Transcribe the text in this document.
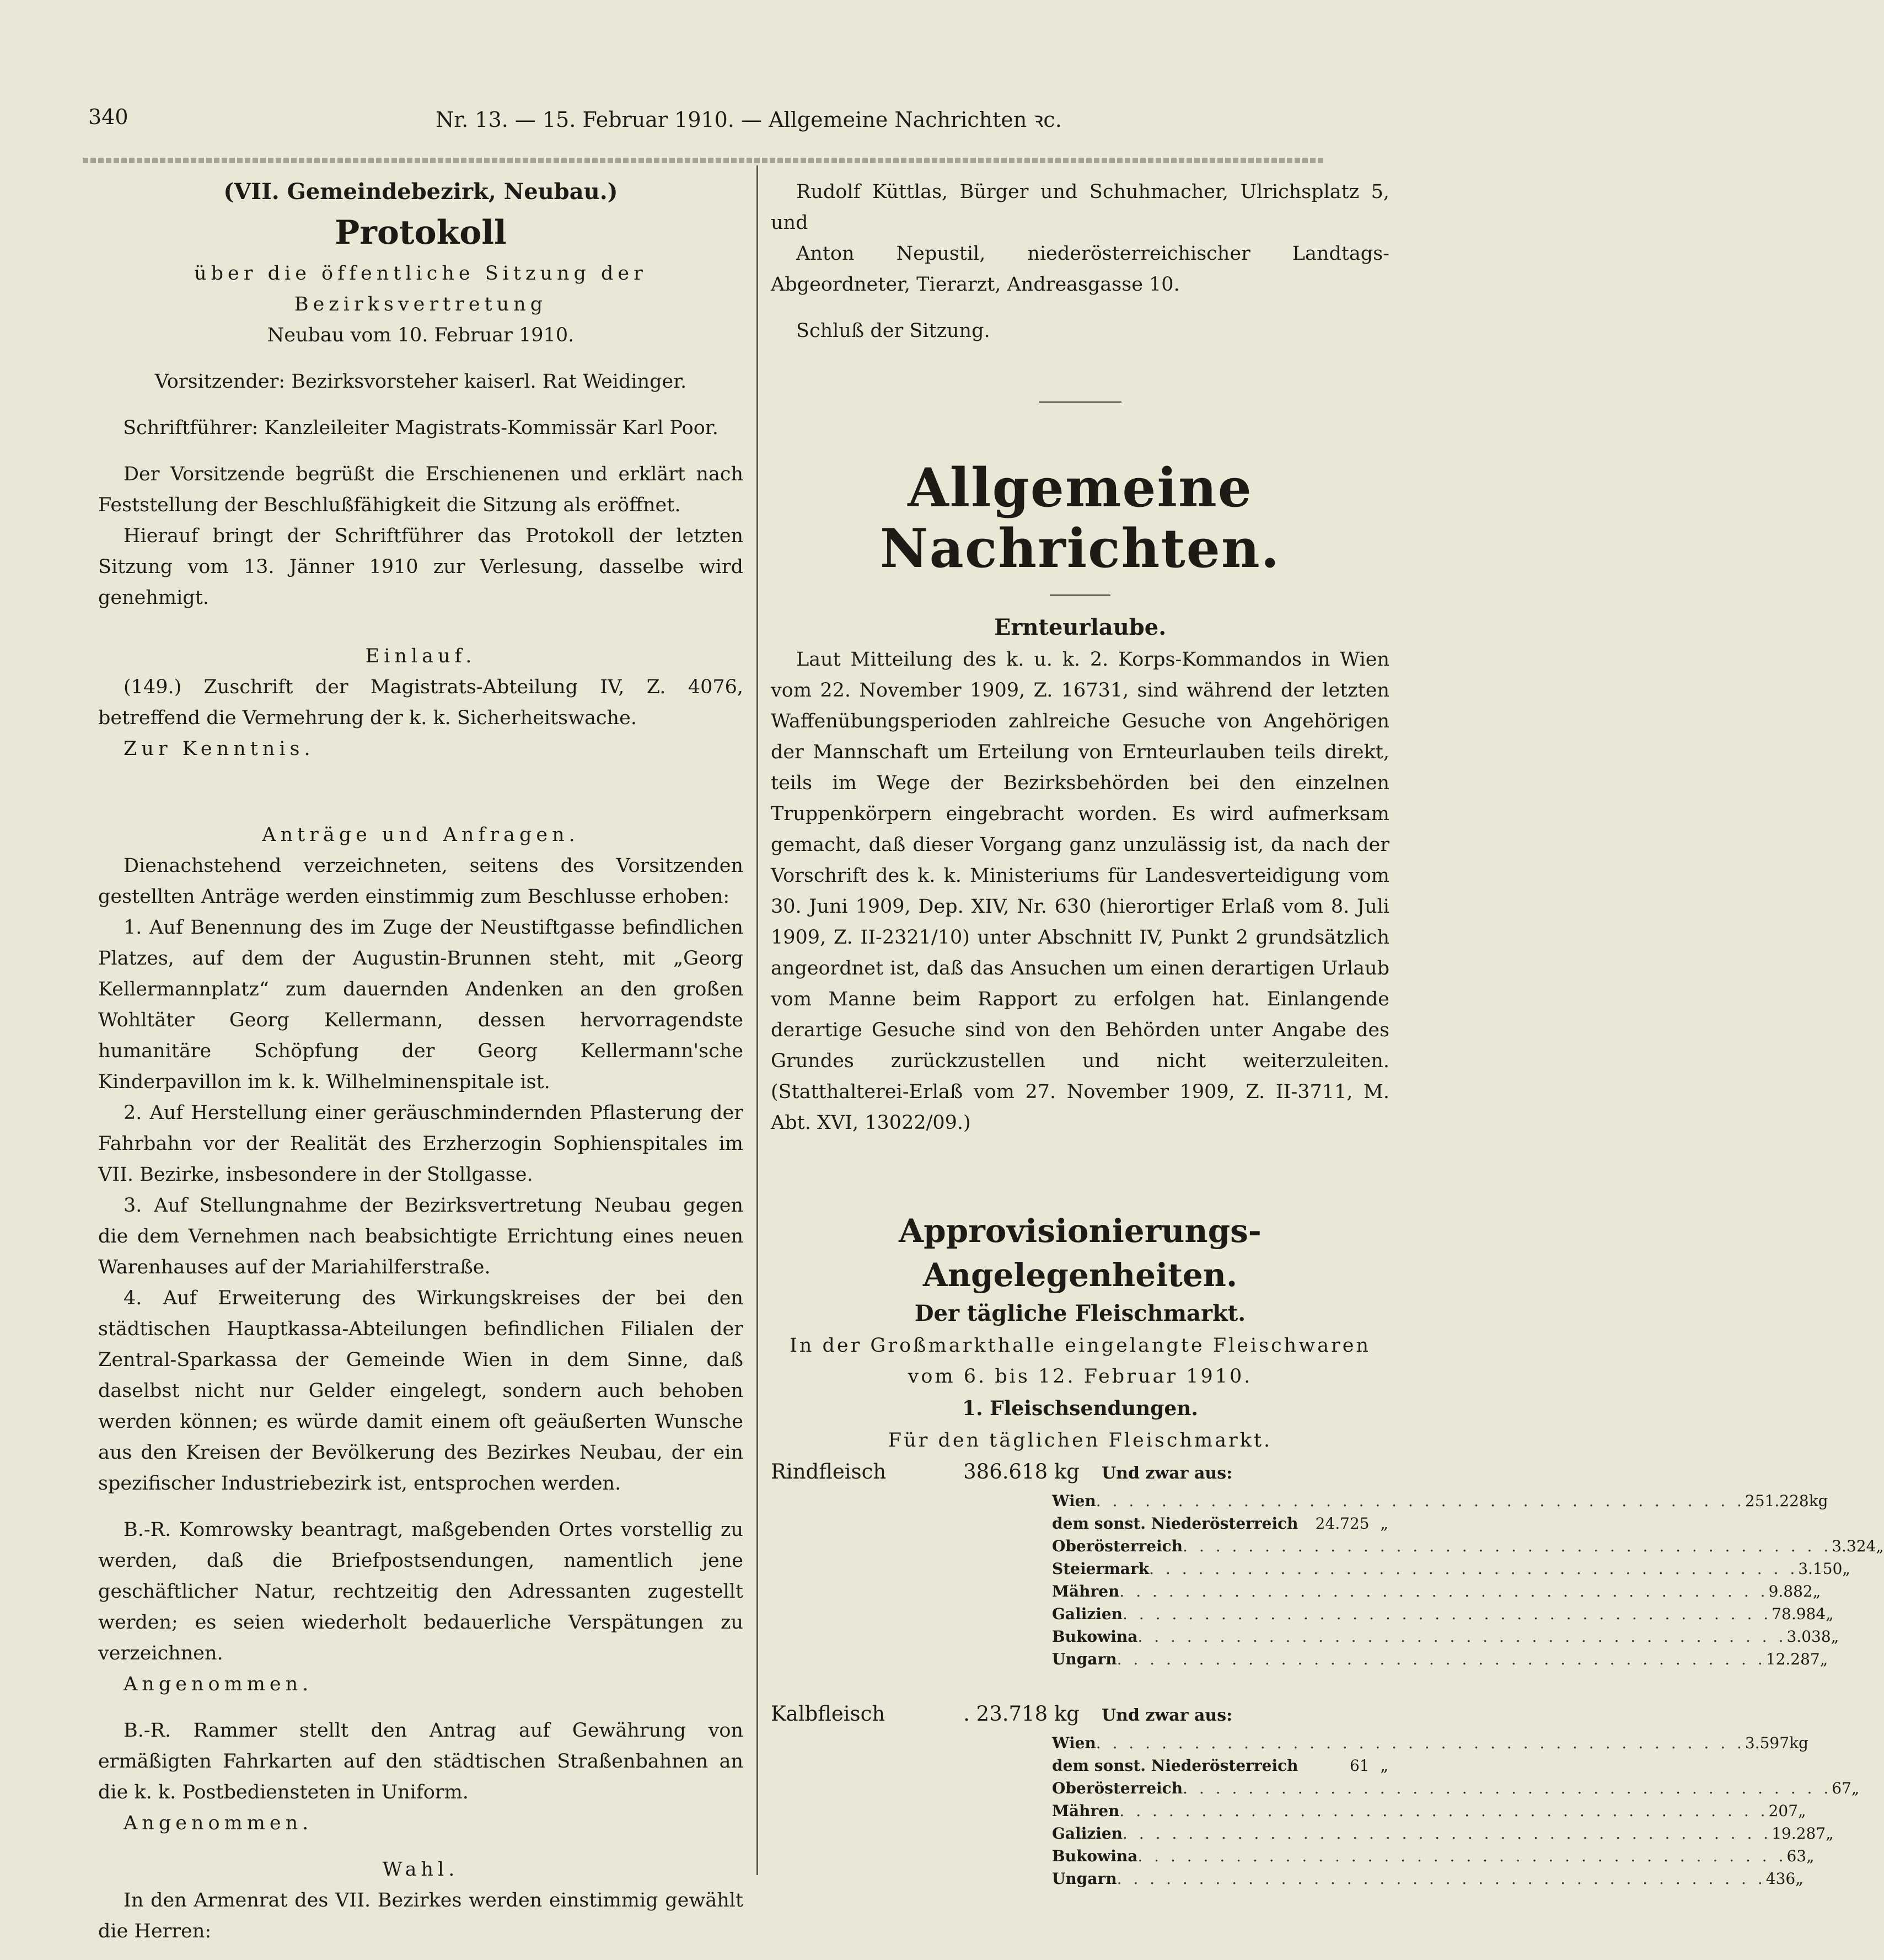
340	Nr. 13. — 15. Februar 1910. — Allgemeine Nachrichten ꝛc.

(VII. Gemeindebezirk, Neubau.)

Protokoll

über die öffentliche Sitzung der Bezirksvertretung

Neubau vom 10. Februar 1910.

Vorsitzender: Bezirksvorsteher kaiserl. Rat Weidinger.

Schriftführer: Kanzleileiter Magistrats-Kommissär Karl Poor.

Der Vorsitzende begrüßt die Erschienenen und erklärt nach Feststellung der Beschlußfähigkeit die Sitzung als eröffnet.

Hierauf bringt der Schriftführer das Protokoll der letzten Sitzung vom 13. Jänner 1910 zur Verlesung, dasselbe wird genehmigt.

Einlauf.

(149.) Zuschrift der Magistrats-Abteilung IV, Z. 4076, betreffend die Vermehrung der k. k. Sicherheitswache.

Zur Kenntnis.

Anträge und Anfragen.

Dienachstehend verzeichneten, seitens des Vorsitzenden gestellten Anträge werden einstimmig zum Beschlusse erhoben:

1. Auf Benennung des im Zuge der Neustiftgasse befindlichen Platzes, auf dem der Augustin-Brunnen steht, mit „Georg Kellermannplatz“ zum dauernden Andenken an den großen Wohltäter Georg Kellermann, dessen hervorragendste humanitäre Schöpfung der Georg Kellermann'sche Kinderpavillon im k. k. Wilhelminenspitale ist.

2. Auf Herstellung einer geräuschmindernden Pflasterung der Fahrbahn vor der Realität des Erzherzogin Sophienspitales im VII. Bezirke, insbesondere in der Stollgasse.

3. Auf Stellungnahme der Bezirksvertretung Neubau gegen die dem Vernehmen nach beabsichtigte Errichtung eines neuen Warenhauses auf der Mariahilferstraße.

4. Auf Erweiterung des Wirkungskreises der bei den städtischen Hauptkassa-Abteilungen befindlichen Filialen der Zentral-Sparkassa der Gemeinde Wien in dem Sinne, daß daselbst nicht nur Gelder eingelegt, sondern auch behoben werden können; es würde damit einem oft geäußerten Wunsche aus den Kreisen der Bevölkerung des Bezirkes Neubau, der ein spezifischer Industriebezirk ist, entsprochen werden.

B.-R. Komrowsky beantragt, maßgebenden Ortes vorstellig zu werden, daß die Briefpostsendungen, namentlich jene geschäftlicher Natur, rechtzeitig den Adressanten zugestellt werden; es seien wiederholt bedauerliche Verspätungen zu verzeichnen.

Angenommen.

B.-R. Rammer stellt den Antrag auf Gewährung von ermäßigten Fahrkarten auf den städtischen Straßenbahnen an die k. k. Postbediensteten in Uniform.

Angenommen.

Wahl.

In den Armenrat des VII. Bezirkes werden einstimmig gewählt die Herren:

Rudolf Küttlas, Bürger und Schuhmacher, Ulrichsplatz 5, und

Anton Nepustil, niederösterreichischer Landtags-Abgeordneter, Tierarzt, Andreasgasse 10.

Schluß der Sitzung.

Allgemeine Nachrichten.
Ernteurlaube.

Laut Mitteilung des k. u. k. 2. Korps-Kommandos in Wien vom 22. November 1909, Z. 16731, sind während der letzten Waffenübungsperioden zahlreiche Gesuche von Angehörigen der Mannschaft um Erteilung von Ernteurlauben teils direkt, teils im Wege der Bezirksbehörden bei den einzelnen Truppenkörpern eingebracht worden. Es wird aufmerksam gemacht, daß dieser Vorgang ganz unzulässig ist, da nach der Vorschrift des k. k. Ministeriums für Landesverteidigung vom 30. Juni 1909, Dep. XIV, Nr. 630 (hierortiger Erlaß vom 8. Juli 1909, Z. II-2321/10) unter Abschnitt IV, Punkt 2 grundsätzlich angeordnet ist, daß das Ansuchen um einen derartigen Urlaub vom Manne beim Rapport zu erfolgen hat. Einlangende derartige Gesuche sind von den Behörden unter Angabe des Grundes zurückzustellen und nicht weiterzuleiten. (Statthalterei-Erlaß vom 27. November 1909, Z. II-3711, M. Abt. XVI, 13022/09.)

Approvisionierungs-Angelegenheiten.
Der tägliche Fleischmarkt.

In der Großmarkthalle eingelangte Fleischwaren vom 6. bis 12. Februar 1910.

1. Fleischsendungen.

Für den täglichen Fleischmarkt.

Rindfleisch	386.618 kg	Und zwar aus:
Wien . . . . . . . . . . . . . . . . . . . . . . . . . . . . . . . . . . . . . . . . 251.228 kg
dem sonst. Niederösterreich	24.725 „
Oberösterreich . . . . . . . . . . . . . . . . . . . . . . . . . . . . . . . . . . . . . . . . 3.324 „
Steiermark . . . . . . . . . . . . . . . . . . . . . . . . . . . . . . . . . . . . . . . . 3.150 „
Mähren . . . . . . . . . . . . . . . . . . . . . . . . . . . . . . . . . . . . . . . . 9.882 „
Galizien . . . . . . . . . . . . . . . . . . . . . . . . . . . . . . . . . . . . . . . . 78.984 „
Bukowina . . . . . . . . . . . . . . . . . . . . . . . . . . . . . . . . . . . . . . . . 3.038 „
Ungarn . . . . . . . . . . . . . . . . . . . . . . . . . . . . . . . . . . . . . . . . 12.287 „
Kalbfleisch	. 23.718 kg	Und zwar aus:
Wien . . . . . . . . . . . . . . . . . . . . . . . . . . . . . . . . . . . . . . . . 3.597 kg
dem sonst. Niederösterreich	61 „
Oberösterreich . . . . . . . . . . . . . . . . . . . . . . . . . . . . . . . . . . . . . . . . 67 „
Mähren . . . . . . . . . . . . . . . . . . . . . . . . . . . . . . . . . . . . . . . . 207 „
Galizien . . . . . . . . . . . . . . . . . . . . . . . . . . . . . . . . . . . . . . . . 19.287 „
Bukowina . . . . . . . . . . . . . . . . . . . . . . . . . . . . . . . . . . . . . . . . 63 „
Ungarn . . . . . . . . . . . . . . . . . . . . . . . . . . . . . . . . . . . . . . . . 436 „
